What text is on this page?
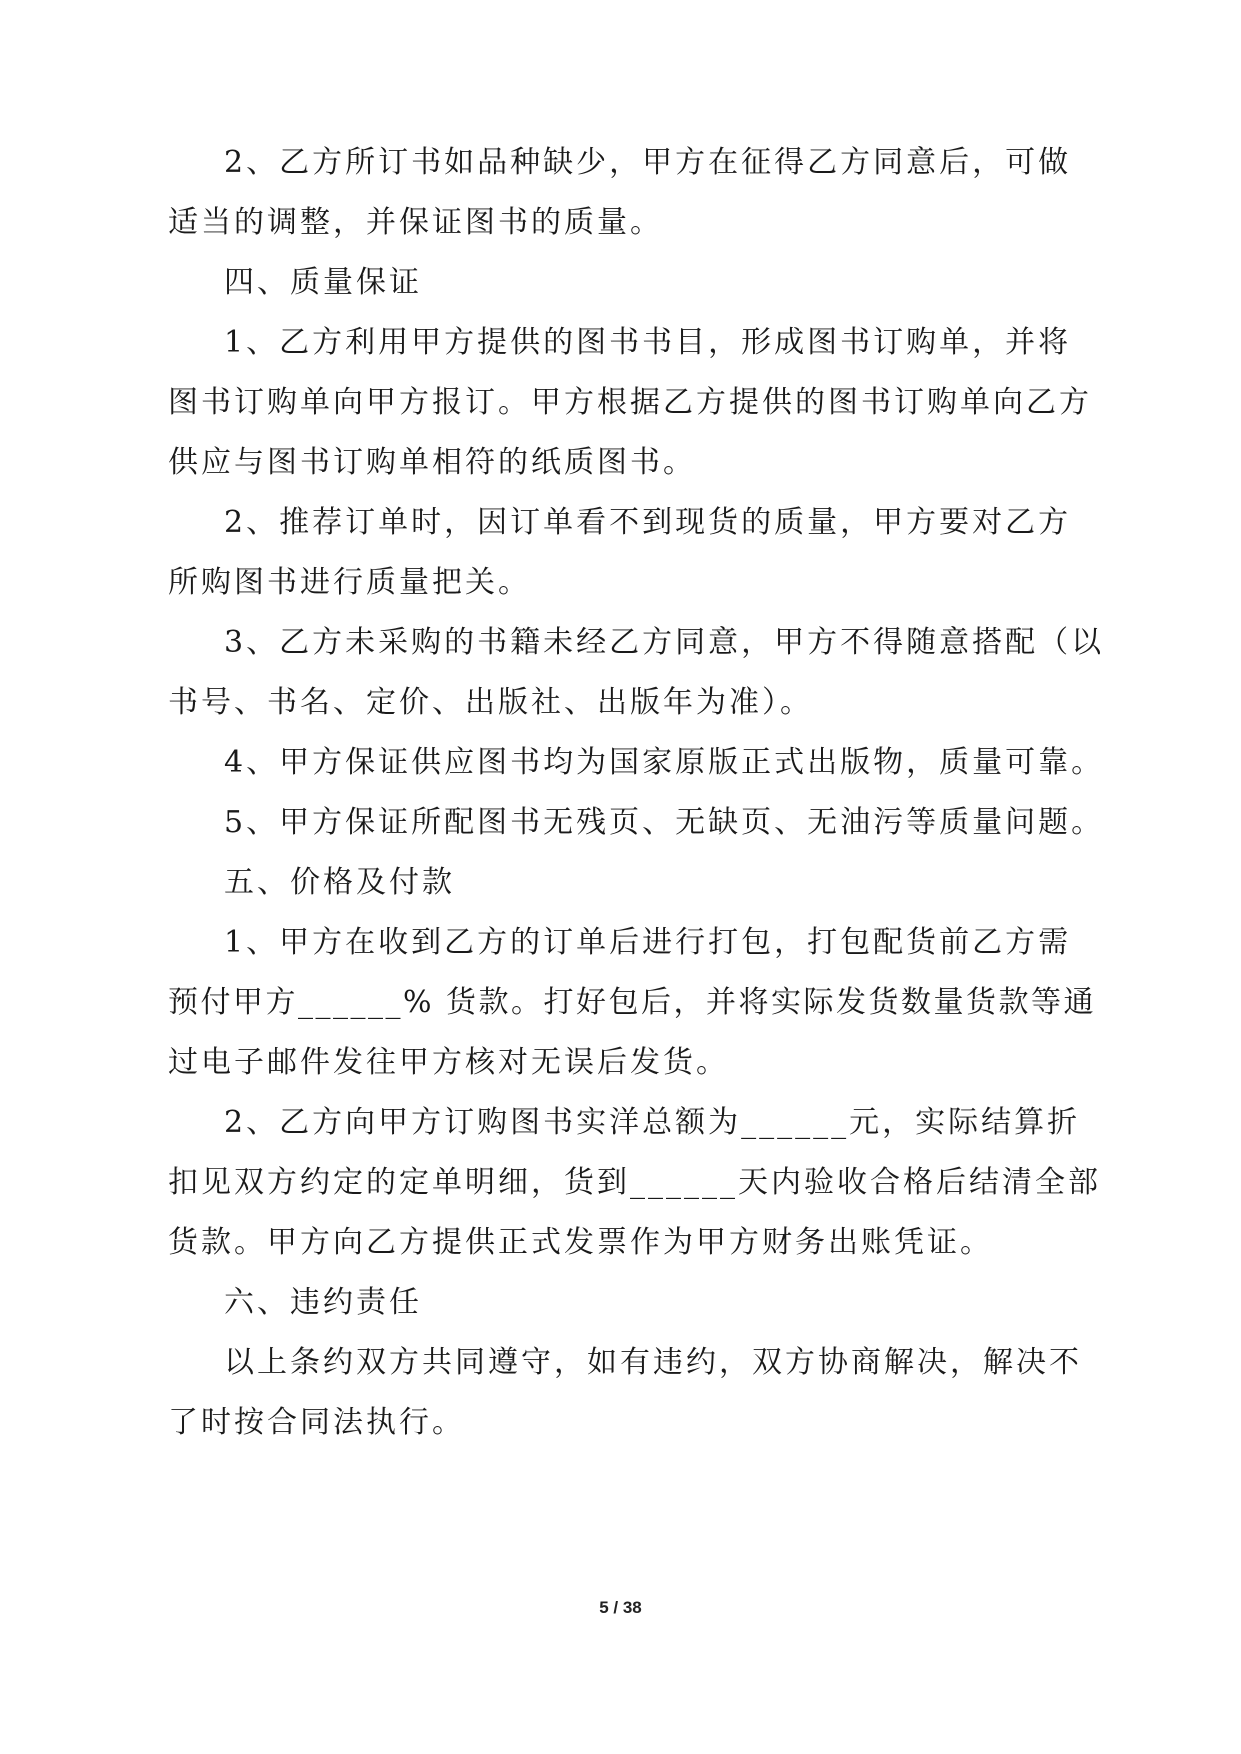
2、乙方所订书如品种缺少，甲方在征得乙方同意后，可做
适当的调整，并保证图书的质量。
四、质量保证
1、乙方利用甲方提供的图书书目，形成图书订购单，并将
图书订购单向甲方报订。甲方根据乙方提供的图书订购单向乙方
供应与图书订购单相符的纸质图书。
2、推荐订单时，因订单看不到现货的质量，甲方要对乙方
所购图书进行质量把关。
3、乙方未采购的书籍未经乙方同意，甲方不得随意搭配（以
书号、书名、定价、出版社、出版年为准）。
4、甲方保证供应图书均为国家原版正式出版物，质量可靠。
5、甲方保证所配图书无残页、无缺页、无油污等质量问题。
五、价格及付款
1、甲方在收到乙方的订单后进行打包，打包配货前乙方需
预付甲方______% 货款。打好包后，并将实际发货数量货款等通
过电子邮件发往甲方核对无误后发货。
2、乙方向甲方订购图书实洋总额为______元，实际结算折
扣见双方约定的定单明细，货到______天内验收合格后结清全部
货款。甲方向乙方提供正式发票作为甲方财务出账凭证。
六、违约责任
以上条约双方共同遵守，如有违约，双方协商解决，解决不
了时按合同法执行。
5 / 38
